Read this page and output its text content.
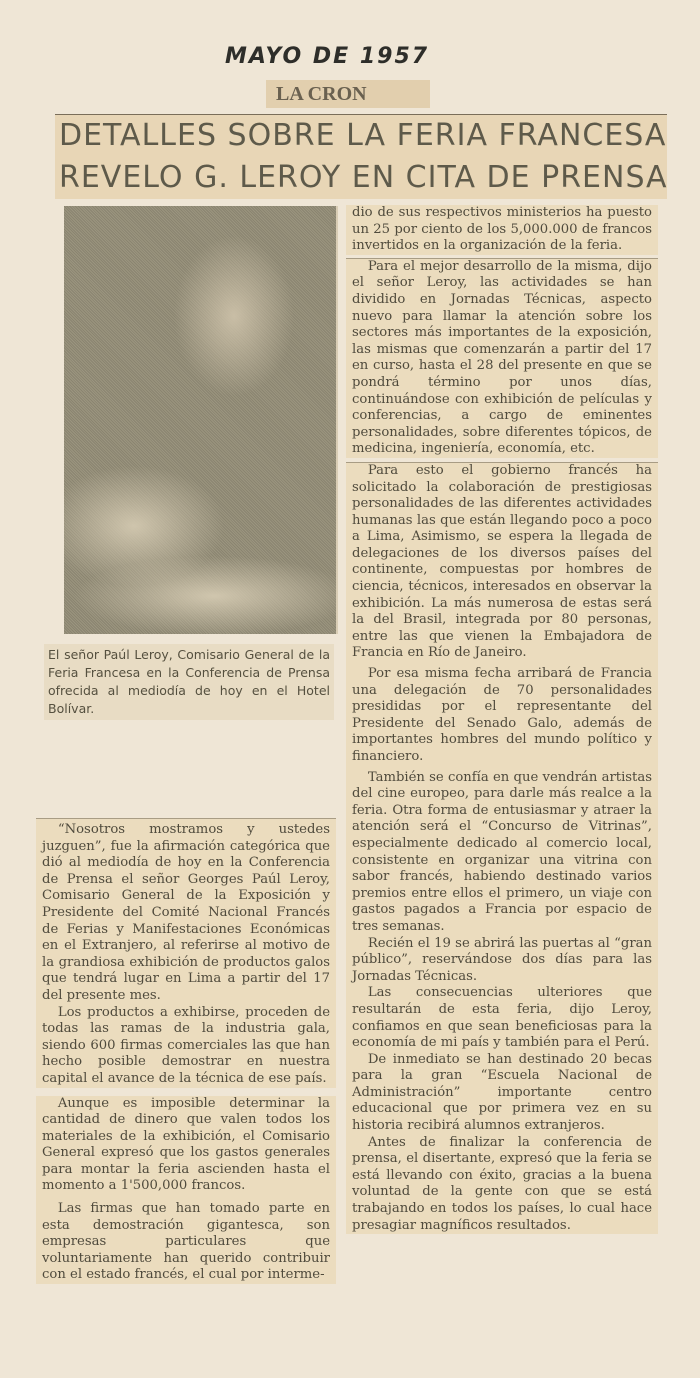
MAYO DE 1957
LA CRON
DETALLES SOBRE LA FERIA FRANCESA
REVELO G. LEROY EN CITA DE PRENSA
El señor Paúl Leroy, Comisario General de la Feria Francesa en la Conferencia de Prensa ofrecida al mediodía de hoy en el Hotel Bolívar.

“Nosotros mostramos y ustedes juzguen”, fue la afirmación categórica que dió al mediodía de hoy en la Conferencia de Prensa el señor Georges Paúl Leroy, Comisario General de la Exposición y Presidente del Comité Nacional Francés de Ferias y Manifestaciones Económicas en el Extranjero, al referirse al motivo de la grandiosa exhibición de productos galos que tendrá lugar en Lima a partir del 17 del presente mes.

Los productos a exhibirse, proceden de todas las ramas de la industria gala, siendo 600 firmas comerciales las que han hecho posible demostrar en nuestra capital el avance de la técnica de ese país.

Aunque es imposible determinar la cantidad de dinero que valen todos los materiales de la exhibición, el Comisario General expresó que los gastos generales para montar la feria ascienden hasta el momento a 1'500,000 francos.

Las firmas que han tomado parte en esta demostración gigantesca, son empresas particulares que voluntariamente han querido contribuir con el estado francés, el cual por interme-

dio de sus respectivos ministerios ha puesto un 25 por ciento de los 5,000.000 de francos invertidos en la organización de la feria.

Para el mejor desarrollo de la misma, dijo el señor Leroy, las actividades se han dividido en Jornadas Técnicas, aspecto nuevo para llamar la atención sobre los sectores más importantes de la exposición, las mismas que comenzarán a partir del 17 en curso, hasta el 28 del presente en que se pondrá término por unos días, continuándose con exhibición de películas y conferencias, a cargo de eminentes personalidades, sobre diferentes tópicos, de medicina, ingeniería, economía, etc.

Para esto el gobierno francés ha solicitado la colaboración de prestigiosas personalidades de las diferentes actividades humanas las que están llegando poco a poco a Lima, Asimismo, se espera la llegada de delegaciones de los diversos países del continente, compuestas por hombres de ciencia, técnicos, interesados en observar la exhibición. La más numerosa de estas será la del Brasil, integrada por 80 personas, entre las que vienen la Embajadora de Francia en Río de Janeiro.

Por esa misma fecha arribará de Francia una delegación de 70 personalidades presididas por el representante del Presidente del Senado Galo, además de importantes hombres del mundo político y financiero.

También se confía en que vendrán artistas del cine europeo, para darle más realce a la feria. Otra forma de entusiasmar y atraer la atención será el “Concurso de Vitrinas”, especialmente dedicado al comercio local, consistente en organizar una vitrina con sabor francés, habiendo destinado varios premios entre ellos el primero, un viaje con gastos pagados a Francia por espacio de tres semanas.

Recién el 19 se abrirá las puertas al “gran público”, reservándose dos días para las Jornadas Técnicas.

Las consecuencias ulteriores que resultarán de esta feria, dijo Leroy, confiamos en que sean beneficiosas para la economía de mi país y también para el Perú.

De inmediato se han destinado 20 becas para la gran “Escuela Nacional de Administración” importante centro educacional que por primera vez en su historia recibirá alumnos extranjeros.

Antes de finalizar la conferencia de prensa, el disertante, expresó que la feria se está llevando con éxito, gracias a la buena voluntad de la gente con que se está trabajando en todos los países, lo cual hace presagiar magníficos resultados.
